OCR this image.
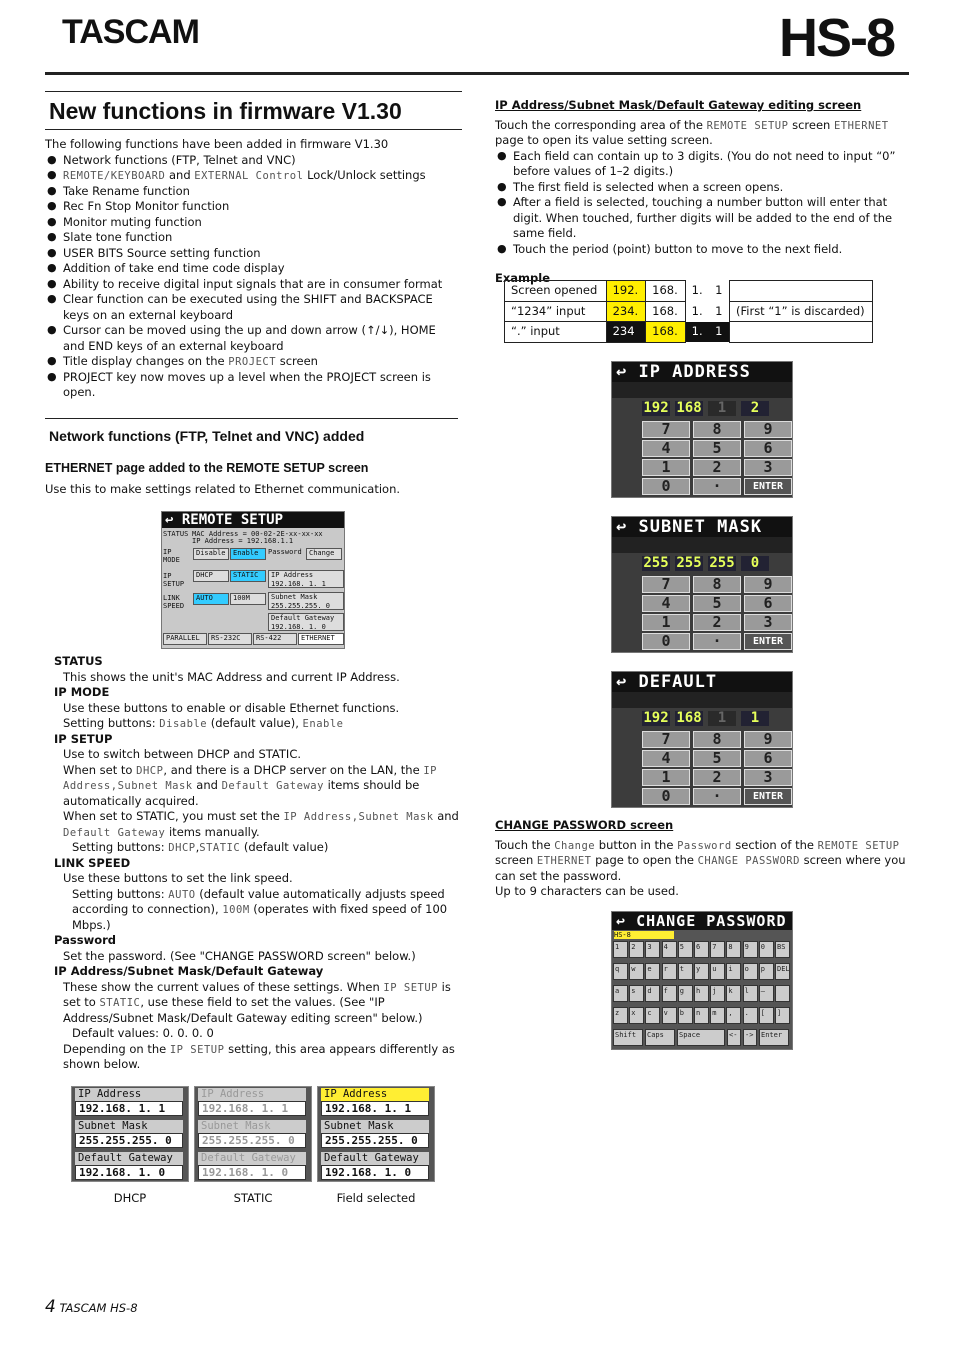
TASCAM	HS-8
New functions in firmware V1.30
The following functions have been added in firmware V1.30
● Network functions (FTP, Telnet and VNC)
● REMOTE/KEYBOARD and EXTERNAL Control Lock/Unlock settings
● Take Rename function
● Rec Fn Stop Monitor function
● Monitor muting function
● Slate tone function
● USER BITS Source setting function
● Addition of take end time code display
● Ability to receive digital input signals that are in consumer format
● Clear function can be executed using the SHIFT and BACKSPACE keys on an external keyboard
● Cursor can be moved using the up and down arrow (↑/↓), HOME and END keys of an external keyboard
● Title display changes on the PROJECT screen
● PROJECT key now moves up a level when the PROJECT screen is open.
Network functions (FTP, Telnet and VNC) added
ETHERNET page added to the REMOTE SETUP screen
Use this to make settings related to Ethernet communication.
↩ REMOTE SETUP
STATUS MAC Address = 00-02-2E-xx-xx-xx
IP Address = 192.168.1.1
IP MODE
Disable	Enable	Password	Change
IP SETUP
DHCP	STATIC	IP Address
192.168. 1. 1
LINK SPEED
AUTO	100M	Subnet Mask
255.255.255. 0
Default Gateway
192.168. 1. 0
PARALLEL	RS-232C	RS-422	ETHERNET
STATUS
This shows the unit's MAC Address and current IP Address.
IP MODE
Use these buttons to enable or disable Ethernet functions.
Setting buttons: Disable (default value), Enable
IP SETUP
Use to switch between DHCP and STATIC.
When set to DHCP, and there is a DHCP server on the LAN, the IP Address,Subnet Mask and Default Gateway items should be automatically acquired.
When set to STATIC, you must set the IP Address,Subnet Mask and Default Gateway items manually.
Setting buttons: DHCP,STATIC (default value)
LINK SPEED
Use these buttons to set the link speed.
Setting buttons: AUTO (default value automatically adjusts speed according to connection), 100M (operates with fixed speed of 100 Mbps.)
Password
Set the password. (See "CHANGE PASSWORD screen" below.)
IP Address/Subnet Mask/Default Gateway
These show the current values of these settings. When IP SETUP is set to STATIC, use these field to set the values. (See "IP Address/Subnet Mask/Default Gateway editing screen" below.)
Default values: 0. 0. 0. 0
Depending on the IP SETUP setting, this area appears differently as shown below.
IP Address
192.168. 1. 1
Subnet Mask
255.255.255. 0
Default Gateway
192.168. 1. 0
IP Address
192.168. 1. 1
Subnet Mask
255.255.255. 0
Default Gateway
192.168. 1. 0
IP Address
192.168. 1. 1
Subnet Mask
255.255.255. 0
Default Gateway
192.168. 1. 0
DHCP	STATIC	Field selected
4 TASCAM HS-8
IP Address/Subnet Mask/Default Gateway editing screen
Touch the corresponding area of the REMOTE SETUP screen ETHERNET page to open its value setting screen.
● Each field can contain up to 3 digits. (You do not need to input “0” before values of 1–2 digits.)
● The first field is selected when a screen opens.
● After a field is selected, touching a number button will enter that digit. When touched, further digits will be added to the end of the same field.
● Touch the period (point) button to move to the next field.
Example
Screen opened	192.	168.	1.	1	
“1234” input	234.	168.	1.	1	(First “1” is discarded)
“.” input	234	168.	1.	1	
↩ IP ADDRESS
192 168	1	2
7	8	9
4	5	6
1	2	3
0	·	ENTER
↩ SUBNET MASK
255 255 255	0
7	8	9
4	5	6
1	2	3
0	·	ENTER
↩ DEFAULT
192 168	1	1
7	8	9
4	5	6
1	2	3
0	·	ENTER
CHANGE PASSWORD screen
Touch the Change button in the Password section of the REMOTE SETUP screen ETHERNET page to open the CHANGE PASSWORD screen where you can set the password.
Up to 9 characters can be used.
↩ CHANGE PASSWORD
HS-8
1	2	3	4	5	6	7	8	9	0	BS
q	w	e	r	t	y	u	i	o	p	DEL
a	s	d	f	g	h	j	k	l	–
z	x	c	v	b	n	m	,	.	[	]
Shift	Caps	Space	<-	->	Enter
